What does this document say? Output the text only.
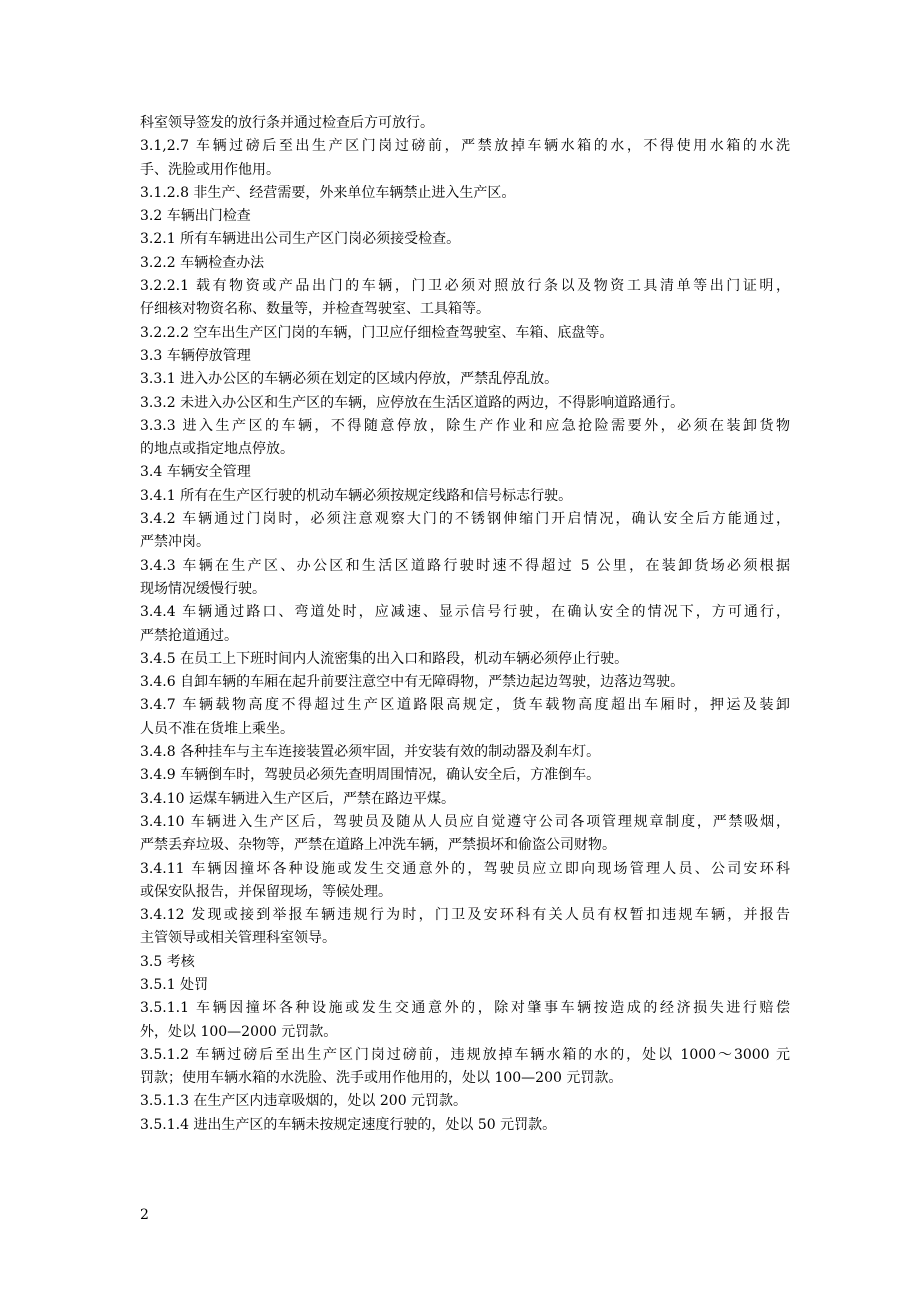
科室领导签发的放行条并通过检查后方可放行。
3.1,2.7 车辆过磅后至出生产区门岗过磅前，严禁放掉车辆水箱的水，不得使用水箱的水洗
手、洗脸或用作他用。
3.1.2.8 非生产、经营需要，外来单位车辆禁止进入生产区。
3.2 车辆出门检查
3.2.1 所有车辆进出公司生产区门岗必须接受检查。
3.2.2 车辆检查办法
3.2.2.1 载有物资或产品出门的车辆，门卫必须对照放行条以及物资工具清单等出门证明，
仔细核对物资名称、数量等，并检查驾驶室、工具箱等。
3.2.2.2 空车出生产区门岗的车辆，门卫应仔细检查驾驶室、车箱、底盘等。
3.3 车辆停放管理
3.3.1 进入办公区的车辆必须在划定的区域内停放，严禁乱停乱放。
3.3.2 未进入办公区和生产区的车辆，应停放在生活区道路的两边，不得影响道路通行。
3.3.3 进入生产区的车辆，不得随意停放，除生产作业和应急抢险需要外，必须在装卸货物
的地点或指定地点停放。
3.4 车辆安全管理
3.4.1 所有在生产区行驶的机动车辆必须按规定线路和信号标志行驶。
3.4.2 车辆通过门岗时，必须注意观察大门的不锈钢伸缩门开启情况，确认安全后方能通过，
严禁冲岗。
3.4.3 车辆在生产区、办公区和生活区道路行驶时速不得超过 5 公里，在装卸货场必须根据
现场情况缓慢行驶。
3.4.4 车辆通过路口、弯道处时，应减速、显示信号行驶，在确认安全的情况下，方可通行，
严禁抢道通过。
3.4.5 在员工上下班时间内人流密集的出入口和路段，机动车辆必须停止行驶。
3.4.6 自卸车辆的车厢在起升前要注意空中有无障碍物，严禁边起边驾驶，边落边驾驶。
3.4.7 车辆载物高度不得超过生产区道路限高规定，货车载物高度超出车厢时，押运及装卸
人员不准在货堆上乘坐。
3.4.8 各种挂车与主车连接装置必须牢固，并安装有效的制动器及刹车灯。
3.4.9 车辆倒车时，驾驶员必须先查明周围情况，确认安全后，方准倒车。
3.4.10 运煤车辆进入生产区后，严禁在路边平煤。
3.4.10 车辆进入生产区后，驾驶员及随从人员应自觉遵守公司各项管理规章制度，严禁吸烟，
严禁丢弃垃圾、杂物等，严禁在道路上冲洗车辆，严禁损坏和偷盗公司财物。
3.4.11 车辆因撞坏各种设施或发生交通意外的，驾驶员应立即向现场管理人员、公司安环科
或保安队报告，并保留现场，等候处理。
3.4.12 发现或接到举报车辆违规行为时，门卫及安环科有关人员有权暂扣违规车辆，并报告
主管领导或相关管理科室领导。
3.5 考核
3.5.1 处罚
3.5.1.1 车辆因撞坏各种设施或发生交通意外的，除对肇事车辆按造成的经济损失进行赔偿
外，处以 100—2000 元罚款。
3.5.1.2 车辆过磅后至出生产区门岗过磅前，违规放掉车辆水箱的水的，处以 1000～3000 元
罚款；使用车辆水箱的水洗脸、洗手或用作他用的，处以 100—200 元罚款。
3.5.1.3 在生产区内违章吸烟的，处以 200 元罚款。
3.5.1.4 进出生产区的车辆未按规定速度行驶的，处以 50 元罚款。
2
